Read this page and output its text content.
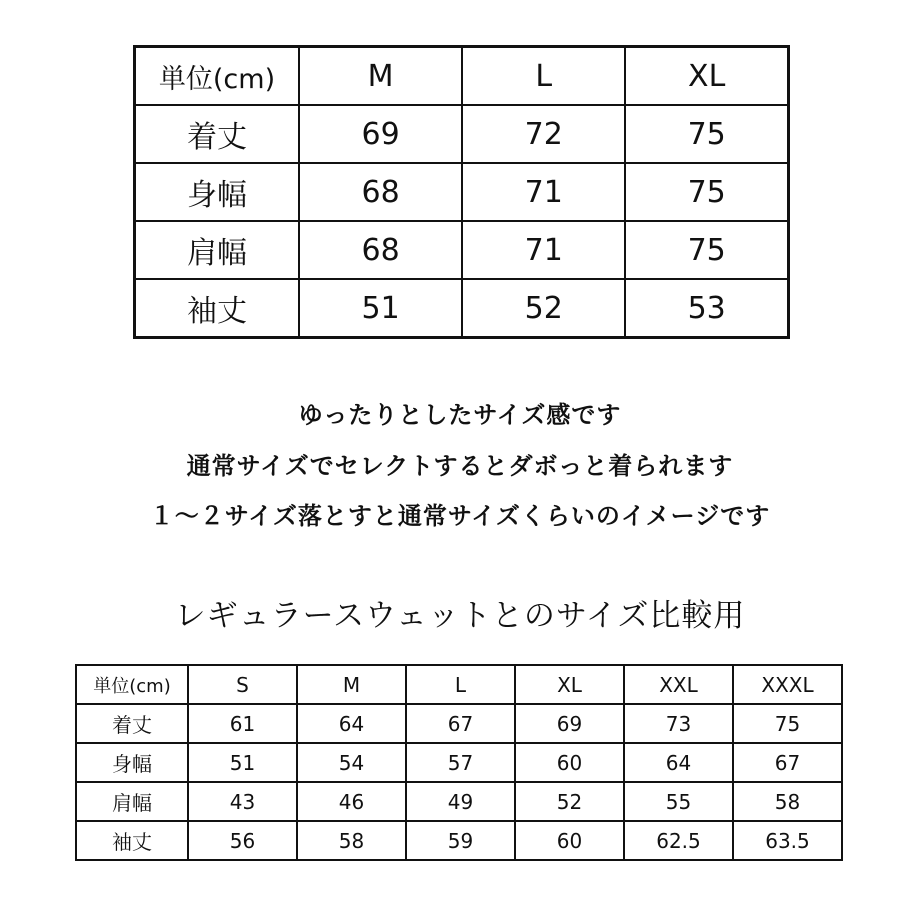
単位(cm)	M	L	XL
着丈	69	72	75
身幅	68	71	75
肩幅	68	71	75
袖丈	51	52	53
ゆったりとしたサイズ感です
通常サイズでセレクトするとダボっと着られます
１～２サイズ落とすと通常サイズくらいのイメージです
レギュラースウェットとのサイズ比較用
単位(cm)	S	M	L	XL	XXL	XXXL
着丈	61	64	67	69	73	75
身幅	51	54	57	60	64	67
肩幅	43	46	49	52	55	58
袖丈	56	58	59	60	62.5	63.5
